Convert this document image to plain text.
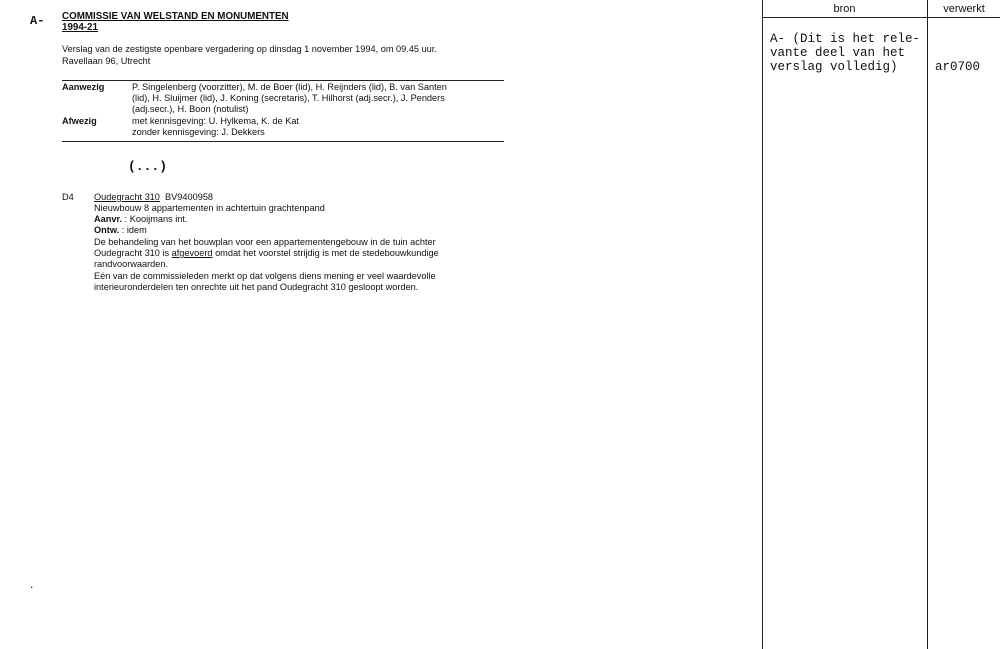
A-
.
COMMISSIE VAN WELSTAND EN MONUMENTEN
1994-21
Verslag van de zestigste openbare vergadering op dinsdag 1 november 1994, om 09.45 uur.
Ravellaan 96, Utrecht
Aanwezig	P. Singelenberg (voorzitter), M. de Boer (lid), H. Reijnders (lid), B. van Santen
(lid), H. Sluijmer (lid), J. Koning (secretaris), T. Hilhorst (adj.secr.), J. Penders
(adj.secr.), H. Boon (notulist)
Afwezig	met kennisgeving: U. Hylkema, K. de Kat
zonder kennisgeving: J. Dekkers
(...)
D4 Oudegracht 310 BV9400958
Nieuwbouw 8 appartementen in achtertuin grachtenpand
Aanvr. : Kooijmans int.
Ontw. : idem
De behandeling van het bouwplan voor een appartementengebouw in de tuin achter
Oudegracht 310 is afgevoerd omdat het voorstel strijdig is met de stedebouwkundige
randvoorwaarden.
Eén van de commissieleden merkt op dat volgens diens mening er veel waardevolle
interieuronderdelen ten onrechte uit het pand Oudegracht 310 gesloopt worden.
bron	verwerkt
A- (Dit is het rele-
vante deel van het
verslag volledig)	ar0700
